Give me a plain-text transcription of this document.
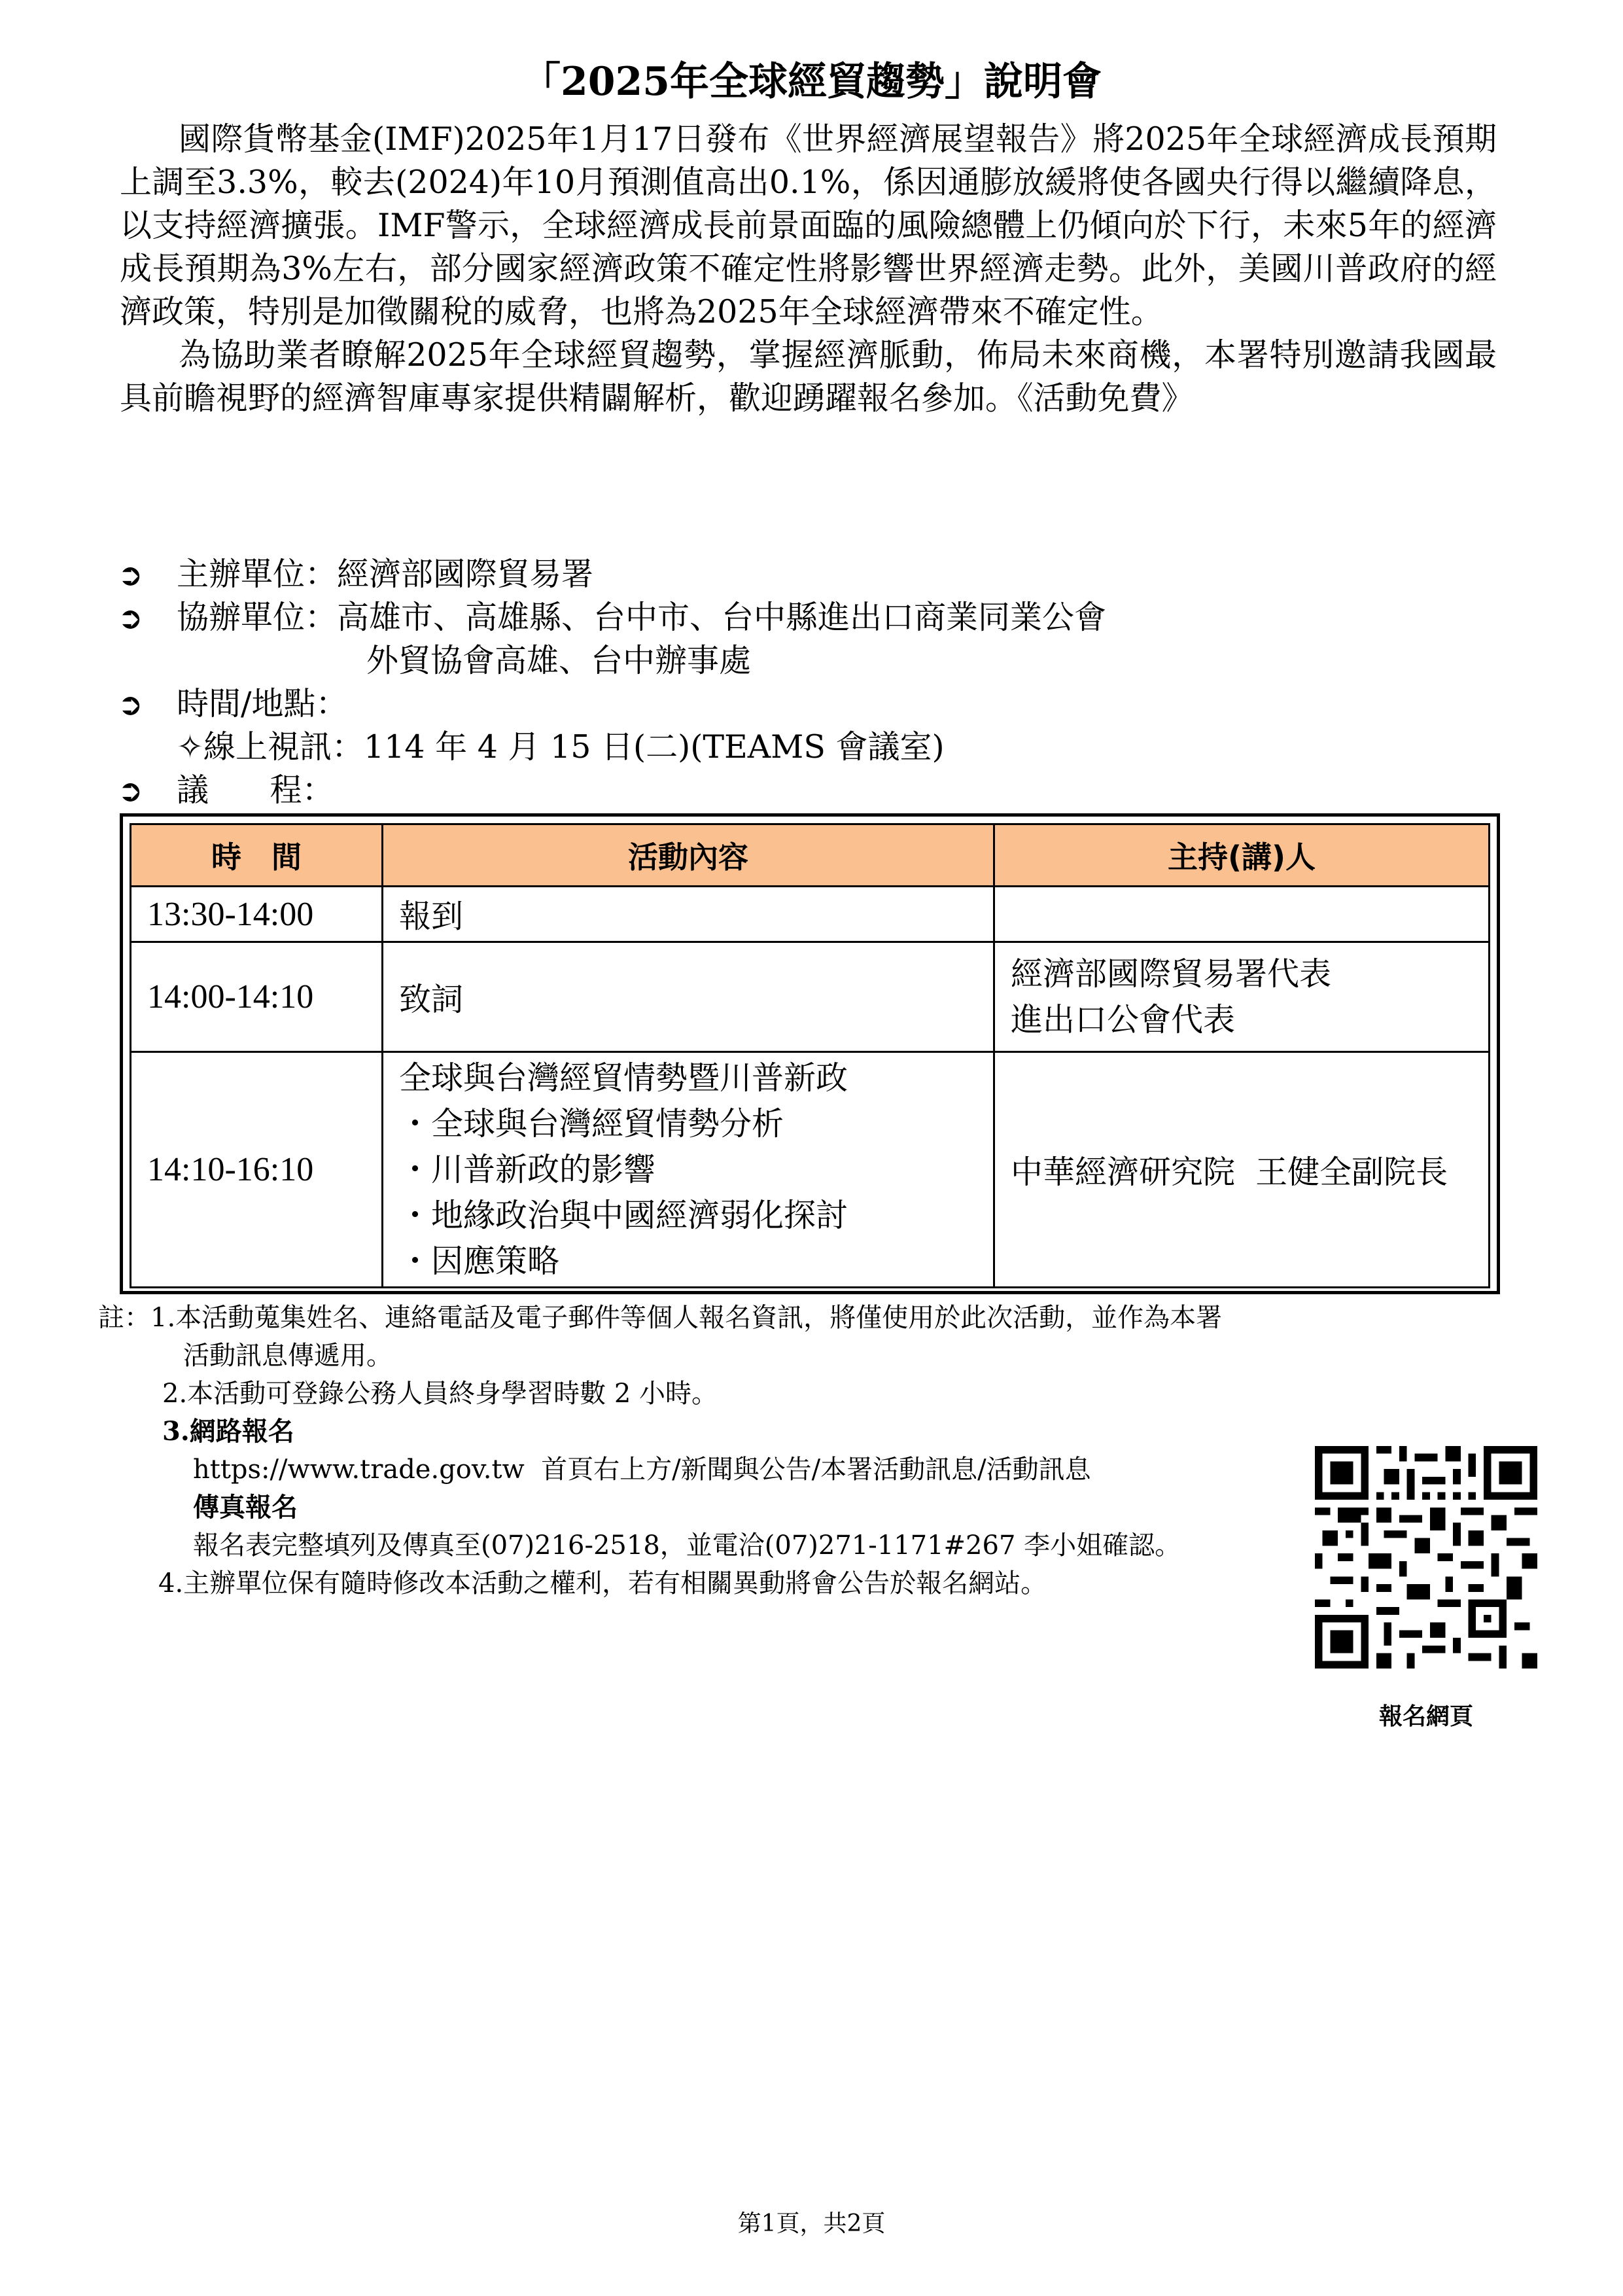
「2025年全球經貿趨勢」說明會

國際貨幣基金(IMF)2025年1月17日發布《世界經濟展望報告》將2025年全球經濟成長預期上調至3.3%，較去(2024)年10月預測值高出0.1%，係因通膨放緩將使各國央行得以繼續降息，以支持經濟擴張。IMF警示，全球經濟成長前景面臨的風險總體上仍傾向於下行，未來5年的經濟成長預期為3%左右，部分國家經濟政策不確定性將影響世界經濟走勢。此外，美國川普政府的經濟政策，特別是加徵關稅的威脅，也將為2025年全球經濟帶來不確定性。

為協助業者瞭解2025年全球經貿趨勢，掌握經濟脈動，佈局未來商機，本署特別邀請我國最具前瞻視野的經濟智庫專家提供精闢解析，歡迎踴躍報名參加。《活動免費》

➲	主辦單位： 經濟部國際貿易署
➲	協辦單位： 高雄市、高雄縣、台中市、台中縣進出口商業同業公會
外貿協會高雄、台中辦事處
➲	時間/地點：
✧線上視訊：114 年 4 月 15 日(二)(TEAMS 會議室)
➲	議      程：
時　間	活動內容	主持(講)人
13:30-14:00	報到	

14:00-14:10	致詞	經濟部國際貿易署代表
進出口公會代表

14:10-16:10	全球與台灣經貿情勢暨川普新政
・全球與台灣經貿情勢分析
・川普新政的影響
・地緣政治與中國經濟弱化探討
・因應策略	中華經濟研究院  王健全副院長
註：1.本活動蒐集姓名、連絡電話及電子郵件等個人報名資訊，將僅使用於此次活動，並作為本署
活動訊息傳遞用。
2.本活動可登錄公務人員終身學習時數 2 小時。
3.網路報名
https://www.trade.gov.tw  首頁右上方/新聞與公告/本署活動訊息/活動訊息
傳真報名
報名表完整填列及傳真至(07)216-2518，並電洽(07)271-1171#267 李小姐確認。
4.主辦單位保有隨時修改本活動之權利，若有相關異動將會公告於報名網站。
報名網頁
第1頁，共2頁
